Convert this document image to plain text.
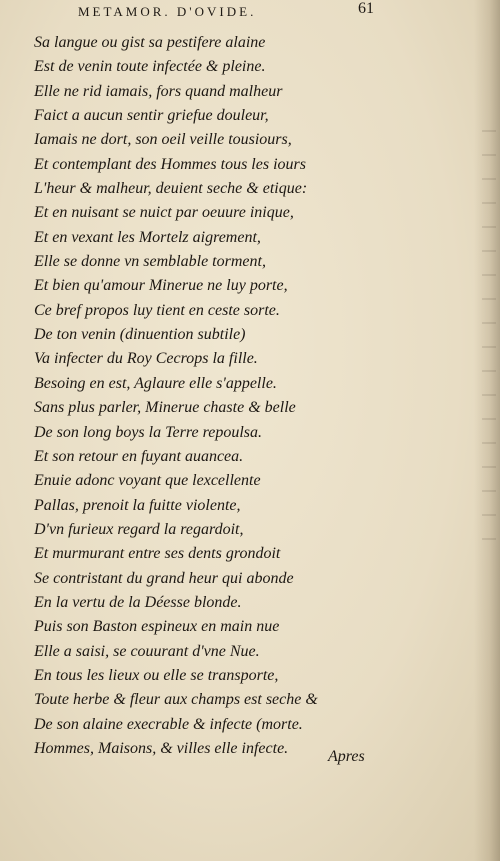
METAMOR. D'OVIDE.	61
Sa langue ou gist sa pestifere alaine
Est de venin toute infectée & pleine.
Elle ne rid iamais, fors quand malheur
Faict a aucun sentir griefue douleur,
Iamais ne dort, son oeil veille tousiours,
Et contemplant des Hommes tous les iours
L'heur & malheur, deuient seche & etique:
Et en nuisant se nuict par oeuure inique,
Et en vexant les Mortelz aigrement,
Elle se donne vn semblable torment,
Et bien qu'amour Minerue ne luy porte,
Ce bref propos luy tient en ceste sorte.
De ton venin (dinuention subtile)
Va infecter du Roy Cecrops la fille.
Besoing en est, Aglaure elle s'appelle.
Sans plus parler, Minerue chaste & belle
De son long boys la Terre repoulsa.
Et son retour en fuyant auancea.
Enuie adonc voyant que lexcellente
Pallas, prenoit la fuitte violente,
D'vn furieux regard la regardoit,
Et murmurant entre ses dents grondoit
Se contristant du grand heur qui abonde
En la vertu de la Déesse blonde.
Puis son Baston espineux en main nue
Elle a saisi, se couurant d'vne Nue.
En tous les lieux ou elle se transporte,
Toute herbe & fleur aux champs est seche &
De son alaine execrable & infecte (morte.
Hommes, Maisons, & villes elle infecte.	Apres
